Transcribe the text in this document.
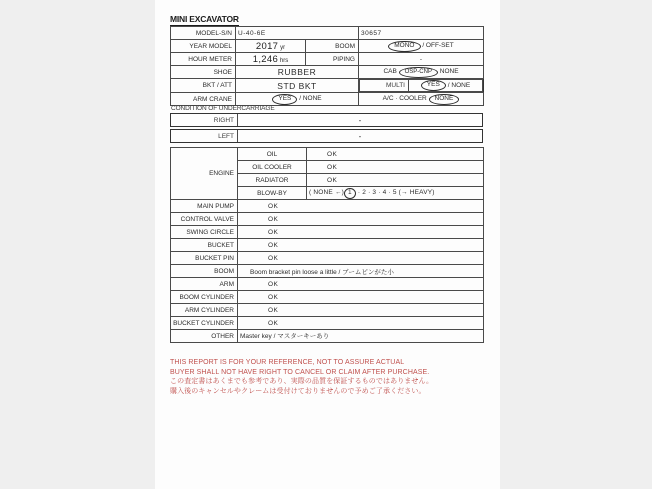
MINI EXCAVATOR
MODEL-S/N	U-40-6E		30657
YEAR MODEL	2017 yr	BOOM	MONO / OFF-SET
HOUR METER	1,246 hrs	PIPING	-
SHOE	RUBBER		CAB OSP-CNP NONE
BKT / ATT	STD BKT		MULTI	YES	/ NONE

ARM CRANE	YES / NONE		A/C · COOLER NONE
CONDITION OF UNDERCARRIAGE
RIGHT	-
LEFT	-
ENGINE	OIL	OK
	OIL COOLER	OK
	RADIATOR	OK
	BLOW-BY	( NONE ←) 1 · 2 · 3 · 4 · 5 (→ HEAVY)
MAIN PUMP	OK	
CONTROL VALVE	OK	
SWING CIRCLE	OK	
BUCKET	OK	
BUCKET PIN	OK	
BOOM	Boom bracket pin loose a little / ブームピンがた小	
ARM	OK	
BOOM CYLINDER	OK	
ARM CYLINDER	OK	
BUCKET CYLINDER	OK	
OTHER	Master key / マスターキーあり	
THIS REPORT IS FOR YOUR REFERENCE, NOT TO ASSURE ACTUAL
BUYER SHALL NOT HAVE RIGHT TO CANCEL OR CLAIM AFTER PURCHASE.
この査定書はあくまでも参考であり、実際の品質を保証するものではありません。
購入後のキャンセルやクレームは受付けておりませんので予めご了承ください。
